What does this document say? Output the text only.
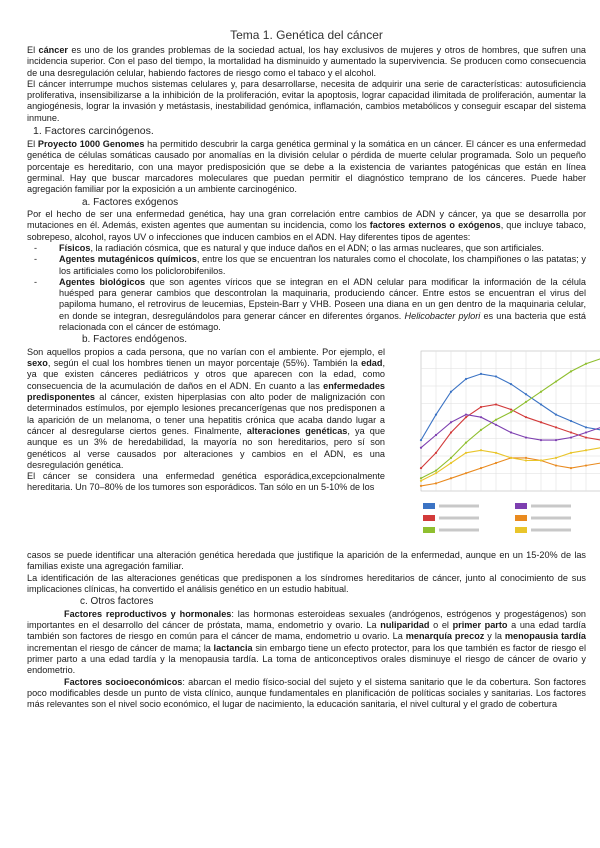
Tema 1. Genética del cáncer

El cáncer es uno de los grandes problemas de la sociedad actual, los hay exclusivos de mujeres y otros de hombres, que sufren una incidencia superior. Con el paso del tiempo, la mortalidad ha disminuido y aumentado la supervivencia. Se producen como consecuencia de una desregulación celular, habiendo factores de riesgo como el tabaco y el alcohol.

El cáncer interrumpe muchos sistemas celulares y, para desarrollarse, necesita de adquirir una serie de características: autosuficiencia proliferativa, insensibilizarse a la inhibición de la proliferación, evitar la apoptosis, lograr capacidad ilimitada de proliferación, aumentar la angiogénesis, lograr la invasión y metástasis, inestabilidad genómica, inflamación, cambios metabólicos y conseguir escapar del sistema inmune.

1. Factores carcinógenos.

El Proyecto 1000 Genomes ha permitido descubrir la carga genética germinal y la somática en un cáncer. El cáncer es una enfermedad genética de células somáticas causado por anomalías en la división celular o pérdida de muerte celular programada. Solo un pequeño porcentaje es hereditario, con una mayor predisposición que se debe a la existencia de variantes patogénicas que están en línea germinal. Hay que buscar marcadores moleculares que puedan permitir el diagnóstico temprano de los cánceres. Puede haber agregación familiar por la exposición a un ambiente carcinogénico.

a. Factores exógenos

Por el hecho de ser una enfermedad genética, hay una gran correlación entre cambios de ADN y cáncer, ya que se desarrolla por mutaciones en él. Además, existen agentes que aumentan su incidencia, como los factores externos o exógenos, que incluye tabaco, sobrepeso, alcohol, rayos UV o infecciones que inducen cambios en el ADN. Hay diferentes tipos de agentes:

- Físicos, la radiación cósmica, que es natural y que induce daños en el ADN; o las armas nucleares, que son artificiales.
- Agentes mutagénicos químicos, entre los que se encuentran los naturales como el chocolate, los champiñones o las patatas; y los artificiales como los policlorobifenilos.
- Agentes biológicos que son agentes víricos que se integran en el ADN celular para modificar la información de la célula huésped para generar cambios que descontrolan la maquinaria, produciendo cáncer. Entre estos se encuentran el virus del papiloma humano, el retrovirus de leucemias, Epstein-Barr y VHB. Poseen una diana en un gen dentro de la maquinaria celular, en donde se integran, desregulándolos para generar cáncer en diferentes órganos. Helicobacter pylori es una bacteria que está relacionada con el cáncer de estómago.
b. Factores endógenos.

Son aquellos propios a cada persona, que no varían con el ambiente. Por ejemplo, el sexo, según el cual los hombres tienen un mayor porcentaje (55%). También la edad, ya que existen cánceres pediátricos y otros que aparecen con la edad, como consecuencia de la acumulación de daños en el ADN. En cuanto a las enfermedades predisponentes al cáncer, existen hiperplasias con alto poder de malignización con determinados estímulos, por ejemplo lesiones precancerígenas que nos predisponen a la aparición de un melanoma, o tener una hepatitis crónica que acaba dando lugar a cáncer al desregularse ciertos genes. Finalmente, alteraciones genéticas, ya que aunque es un 3% de heredabilidad, la mayoría no son hereditarios, pero sí son genéticos al verse causados por alteraciones y cambios en el ADN, es una desregulación genética.

El cáncer se considera una enfermedad genética esporádica,excepcionalmente hereditaria. Un 70–80% de los tumores son esporádicos. Tan sólo en un 5-10% de los

casos se puede identificar una alteración genética heredada que justifique la aparición de la enfermedad, aunque en un 15-20% de las familias existe una agregación familiar.

La identificación de las alteraciones genéticas que predisponen a los síndromes hereditarios de cáncer, junto al conocimiento de sus implicaciones clínicas, ha convertido el análisis genético en un estudio habitual.

c. Otros factores

Factores reproductivos y hormonales: las hormonas esteroideas sexuales (andrógenos, estrógenos y progestágenos) son importantes en el desarrollo del cáncer de próstata, mama, endometrio y ovario. La nuliparidad o el primer parto a una edad tardía también son factores de riesgo en común para el cáncer de mama, endometrio u ovario. La menarquía precoz y la menopausia tardía incrementan el riesgo de cáncer de mama; la lactancia sin embargo tiene un efecto protector, para los que también es factor de riesgo el primer parto a una edad tardía y la menopausia tardía. La toma de anticonceptivos orales disminuye el riesgo de cáncer de ovario y endometrio.

Factores socioeconómicos: abarcan el medio físico-social del sujeto y el sistema sanitario que le da cobertura. Son factores poco modificables desde un punto de vista clínico, aunque fundamentales en planificación de políticas sociales y sanitarias. Los factores más relevantes son el nivel socio económico, el lugar de nacimiento, la educación sanitaria, el nivel cultural y el grado de cobertura
